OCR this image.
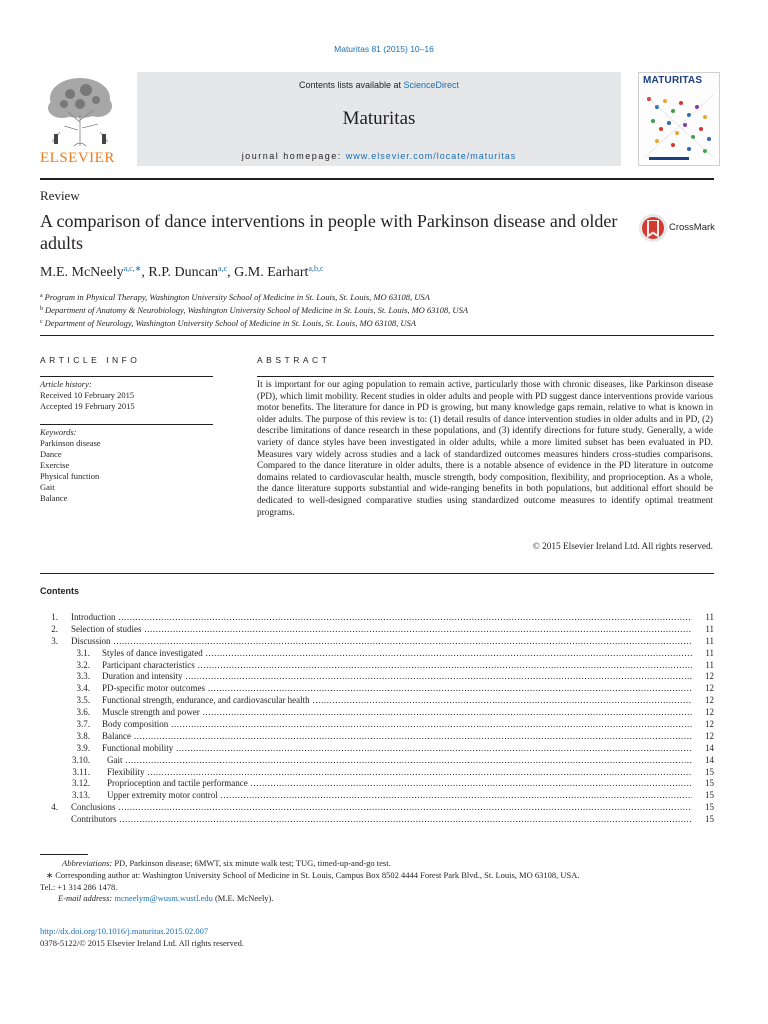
Maturitas 81 (2015) 10–16
ELSEVIER
Contents lists available at ScienceDirect
Maturitas
journal homepage: www.elsevier.com/locate/maturitas
MATURITAS
Review
A comparison of dance interventions in people with Parkinson disease and older adults
CrossMark
M.E. McNeely$^{a,c,∗}$, R.P. Duncan$^{a,c}$, G.M. Earhart$^{a,b,c}$
$^a$ Program in Physical Therapy, Washington University School of Medicine in St. Louis, St. Louis, MO 63108, USA
$^b$ Department of Anatomy & Neurobiology, Washington University School of Medicine in St. Louis, St. Louis, MO 63108, USA
$^c$ Department of Neurology, Washington University School of Medicine in St. Louis, St. Louis, MO 63108, USA
ARTICLE INFO
Article history:
Received 10 February 2015
Accepted 19 February 2015
Keywords:
Parkinson disease
Dance
Exercise
Physical function
Gait
Balance
ABSTRACT
It is important for our aging population to remain active, particularly those with chronic diseases, like Parkinson disease (PD), which limit mobility. Recent studies in older adults and people with PD suggest dance interventions provide various motor benefits. The literature for dance in PD is growing, but many knowledge gaps remain, relative to what is known in older adults. The purpose of this review is to: (1) detail results of dance intervention studies in older adults and in PD, (2) describe limitations of dance research in these populations, and (3) identify directions for future study. Generally, a wide variety of dance styles have been investigated in older adults, while a more limited subset has been evaluated in PD. Measures vary widely across studies and a lack of standardized outcomes measures hinders cross-studies comparisons. Compared to the dance literature in older adults, there is a notable absence of evidence in the PD literature in outcome domains related to cardiovascular health, muscle strength, body composition, flexibility, and proprioception. As a whole, the dance literature supports substantial and wide-ranging benefits in both populations, but additional effort should be dedicated to well-designed comparative studies using standardized outcome measures to identify optimal treatment programs.
© 2015 Elsevier Ireland Ltd. All rights reserved.
Contents
1. Introduction .....	11
2. Selection of studies .....	11
3. Discussion .....	11
3.1. Styles of dance investigated .....	11
3.2. Participant characteristics .....	11
3.3. Duration and intensity .....	12
3.4. PD-specific motor outcomes .....	12
3.5. Functional strength, endurance, and cardiovascular health .....	12
3.6. Muscle strength and power .....	12
3.7. Body composition .....	12
3.8. Balance .....	12
3.9. Functional mobility .....	14
3.10. Gait .....	14
3.11. Flexibility .....	15
3.12. Proprioception and tactile performance .....	15
3.13. Upper extremity motor control .....	15
4. Conclusions .....	15
Contributors .....	15
Abbreviations: PD, Parkinson disease; 6MWT, six minute walk test; TUG, timed-up-and-go test.
∗ Corresponding author at: Washington University School of Medicine in St. Louis, Campus Box 8502 4444 Forest Park Blvd., St. Louis, MO 63108, USA.
Tel.: +1 314 286 1478.
E-mail address: mcneelym@wusm.wustl.edu (M.E. McNeely).
http://dx.doi.org/10.1016/j.maturitas.2015.02.007
0378-5122/© 2015 Elsevier Ireland Ltd. All rights reserved.
